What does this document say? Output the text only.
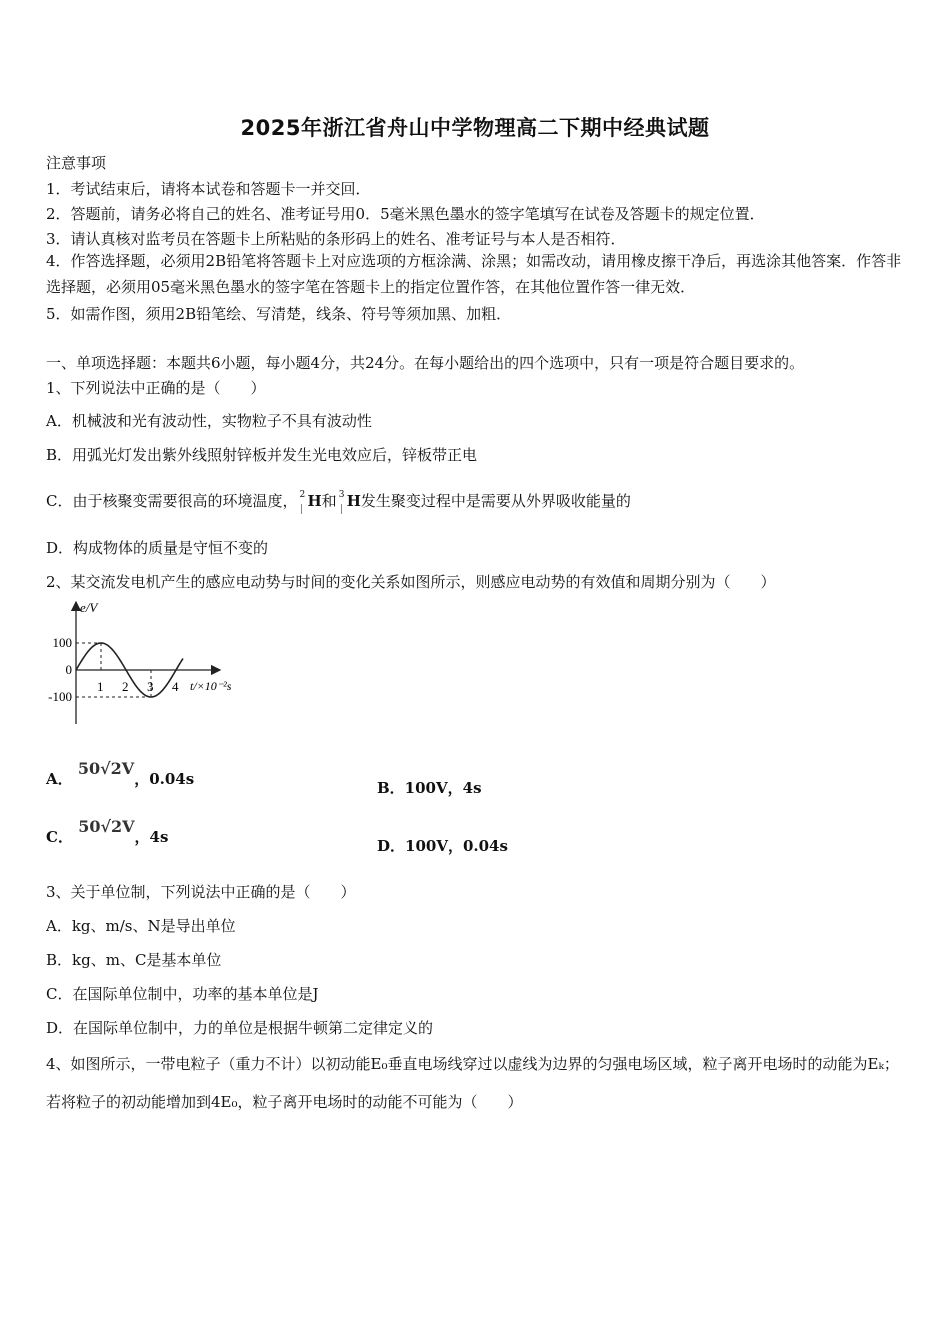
2025年浙江省舟山中学物理高二下期中经典试题
注意事项
1．考试结束后，请将本试卷和答题卡一并交回．
2．答题前，请务必将自己的姓名、准考证号用0．5毫米黑色墨水的签字笔填写在试卷及答题卡的规定位置．
3．请认真核对监考员在答题卡上所粘贴的条形码上的姓名、准考证号与本人是否相符．
4．作答选择题，必须用2B铅笔将答题卡上对应选项的方框涂满、涂黑；如需改动，请用橡皮擦干净后，再选涂其他答案．作答非选择题，必须用05毫米黑色墨水的签字笔在答题卡上的指定位置作答，在其他位置作答一律无效．
5．如需作图，须用2B铅笔绘、写清楚，线条、符号等须加黑、加粗．
一、单项选择题：本题共6小题，每小题4分，共24分。在每小题给出的四个选项中，只有一项是符合题目要求的。
1、下列说法中正确的是（　　）
A．机械波和光有波动性，实物粒子不具有波动性
B．用弧光灯发出紫外线照射锌板并发生光电效应后，锌板带正电
C．由于核聚变需要很高的环境温度， 2 H和 3 H发生聚变过程中是需要从外界吸收能量的
D．构成物体的质量是守恒不变的
2、某交流发电机产生的感应电动势与时间的变化关系如图所示，则感应电动势的有效值和周期分别为（　　）
1 2 3 4
100
0
-100
e/V
t/×10⁻²s
A． 50√2V，0.04s	B．100V，4s
C． 50√2V，4s	D．100V，0.04s
3、关于单位制，下列说法中正确的是（　　）
A．kg、m/s、N是导出单位
B．kg、m、C是基本单位
C．在国际单位制中，功率的基本单位是J
D．在国际单位制中，力的单位是根据牛顿第二定律定义的
4、如图所示，一带电粒子（重力不计）以初动能E₀垂直电场线穿过以虚线为边界的匀强电场区域，粒子离开电场时的动能为Eₖ；若将粒子的初动能增加到4E₀，粒子离开电场时的动能不可能为（　　）
